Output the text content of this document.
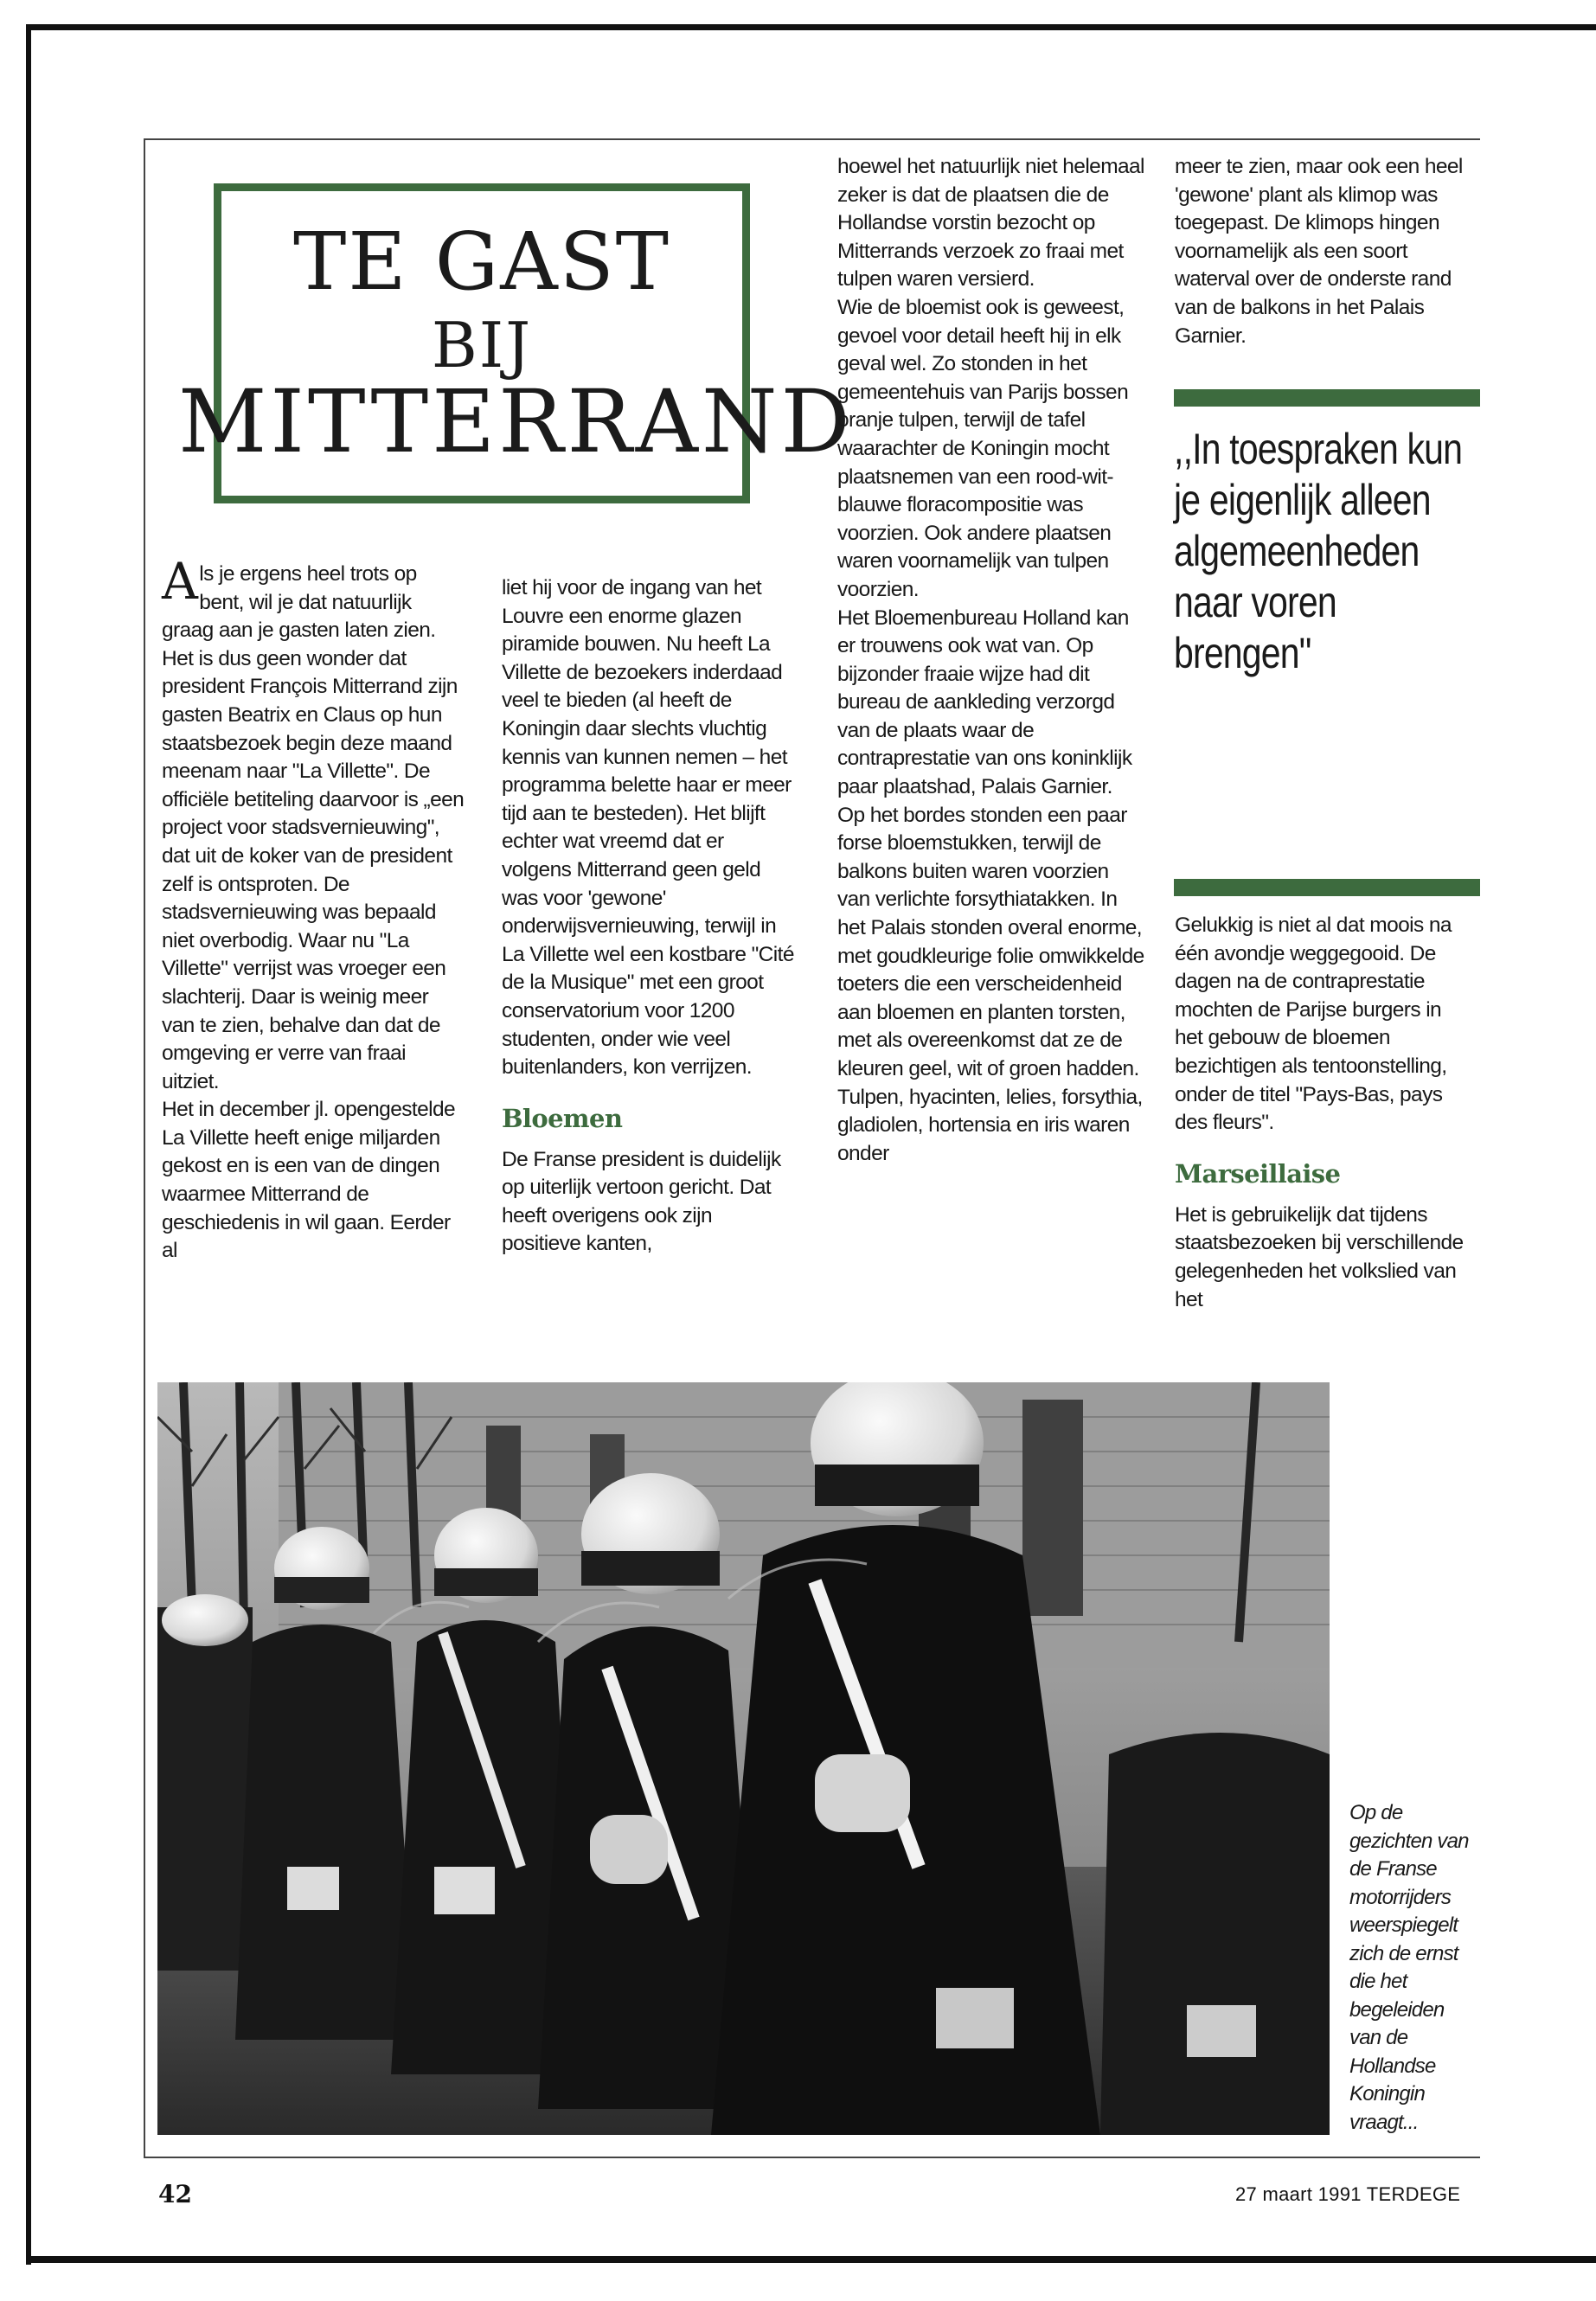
TE GAST
BIJ
MITTERRAND

Als je ergens heel trots op bent, wil je dat natuurlijk graag aan je gasten laten zien. Het is dus geen wonder dat president François Mitterrand zijn gasten Beatrix en Claus op hun staatsbezoek begin deze maand meenam naar "La Villette". De officiële betiteling daarvoor is „een project voor stadsvernieuwing", dat uit de koker van de president zelf is ontsproten. De stadsvernieuwing was bepaald niet overbodig. Waar nu "La Villette" verrijst was vroeger een slachterij. Daar is weinig meer van te zien, behalve dan dat de omgeving er verre van fraai uitziet.

Het in december jl. opengestelde La Villette heeft enige miljarden gekost en is een van de dingen waarmee Mitterrand de geschiedenis in wil gaan. Eerder al

liet hij voor de ingang van het Louvre een enorme glazen piramide bouwen. Nu heeft La Villette de bezoekers inderdaad veel te bieden (al heeft de Koningin daar slechts vluchtig kennis van kunnen nemen – het programma belette haar er meer tijd aan te besteden). Het blijft echter wat vreemd dat er volgens Mitterrand geen geld was voor 'gewone' onderwijsvernieuwing, terwijl in La Villette wel een kostbare "Cité de la Musique" met een groot conservatorium voor 1200 studenten, onder wie veel buitenlanders, kon verrijzen.

Bloemen

De Franse president is duidelijk op uiterlijk vertoon gericht. Dat heeft overigens ook zijn positieve kanten,

hoewel het natuurlijk niet helemaal zeker is dat de plaatsen die de Hollandse vorstin bezocht op Mitterrands verzoek zo fraai met tulpen waren versierd.

Wie de bloemist ook is geweest, gevoel voor detail heeft hij in elk geval wel. Zo stonden in het gemeentehuis van Parijs bossen oranje tulpen, terwijl de tafel waarachter de Koningin mocht plaatsnemen van een rood-wit-blauwe floracompositie was voorzien. Ook andere plaatsen waren voornamelijk van tulpen voorzien.

Het Bloemenbureau Holland kan er trouwens ook wat van. Op bijzonder fraaie wijze had dit bureau de aankleding verzorgd van de plaats waar de contraprestatie van ons koninklijk paar plaatshad, Palais Garnier. Op het bordes stonden een paar forse bloemstukken, terwijl de balkons buiten waren voorzien van verlichte forsythiatakken. In het Palais stonden overal enorme, met goudkleurige folie omwikkelde toeters die een verscheidenheid aan bloemen en planten torsten, met als overeenkomst dat ze de kleuren geel, wit of groen hadden. Tulpen, hyacinten, lelies, forsythia, gladiolen, hortensia en iris waren onder

meer te zien, maar ook een heel 'gewone' plant als klimop was toegepast. De klimops hingen voornamelijk als een soort waterval over de onderste rand van de balkons in het Palais Garnier.

,,In toespraken kun je eigenlijk alleen algemeenheden naar voren brengen"

Gelukkig is niet al dat moois na één avondje weggegooid. De dagen na de contraprestatie mochten de Parijse burgers in het gebouw de bloemen bezichtigen als tentoonstelling, onder de titel "Pays-Bas, pays des fleurs".

Marseillaise

Het is gebruikelijk dat tijdens staatsbezoeken bij verschillende gelegenheden het volkslied van het

Op de gezichten van de Franse motorrijders weerspiegelt zich de ernst die het begeleiden van de Hollandse Koningin vraagt...

42	27 maart 1991 TERDEGE
